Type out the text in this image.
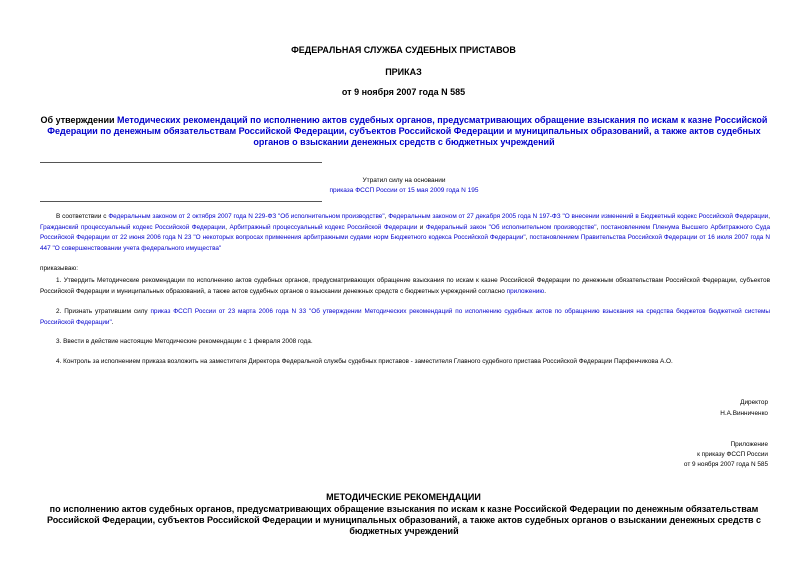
ФЕДЕРАЛЬНАЯ СЛУЖБА СУДЕБНЫХ ПРИСТАВОВ
ПРИКАЗ
от 9 ноября 2007 года N 585
Об утверждении Методических рекомендаций по исполнению актов судебных органов, предусматривающих обращение взыскания по искам к казне Российской Федерации по денежным обязательствам Российской Федерации, субъектов Российской Федерации и муниципальных образований, а также актов судебных органов о взыскании денежных средств с бюджетных учреждений
Утратил силу на основании
приказа ФССП России от 15 мая 2009 года N 195
В соответствии с Федеральным законом от 2 октября 2007 года N 229-ФЗ "Об исполнительном производстве", Федеральным законом от 27 декабря 2005 года N 197-ФЗ "О внесении изменений в Бюджетный кодекс Российской Федерации, Гражданский процессуальный кодекс Российской Федерации, Арбитражный процессуальный кодекс Российской Федерации и Федеральный закон "Об исполнительном производстве", постановлением Пленума Высшего Арбитражного Суда Российской Федерации от 22 июня 2006 года N 23 "О некоторых вопросах применения арбитражными судами норм Бюджетного кодекса Российской Федерации", постановлением Правительства Российской Федерации от 16 июля 2007 года N 447 "О совершенствовании учета федерального имущества"
приказываю:
1. Утвердить Методические рекомендации по исполнению актов судебных органов, предусматривающих обращение взыскания по искам к казне Российской Федерации по денежным обязательствам Российской Федерации, субъектов Российской Федерации и муниципальных образований, а также актов судебных органов о взыскании денежных средств с бюджетных учреждений согласно приложению.
2. Признать утратившим силу приказ ФССП России от 23 марта 2006 года N 33 "Об утверждении Методических рекомендаций по исполнению судебных актов по обращению взыскания на средства бюджетов бюджетной системы Российской Федерации".
3. Ввести в действие настоящие Методические рекомендации с 1 февраля 2008 года.
4. Контроль за исполнением приказа возложить на заместителя Директора Федеральной службы судебных приставов - заместителя Главного судебного пристава Российской Федерации Парфенчикова А.О.
Директор
Н.А.Винниченко
Приложение
к приказу ФССП России
от 9 ноября 2007 года N 585
МЕТОДИЧЕСКИЕ РЕКОМЕНДАЦИИ
по исполнению актов судебных органов, предусматривающих обращение взыскания по искам к казне Российской Федерации по денежным обязательствам Российской Федерации, субъектов Российской Федерации и муниципальных образований, а также актов судебных органов о взыскании денежных средств с бюджетных учреждений
